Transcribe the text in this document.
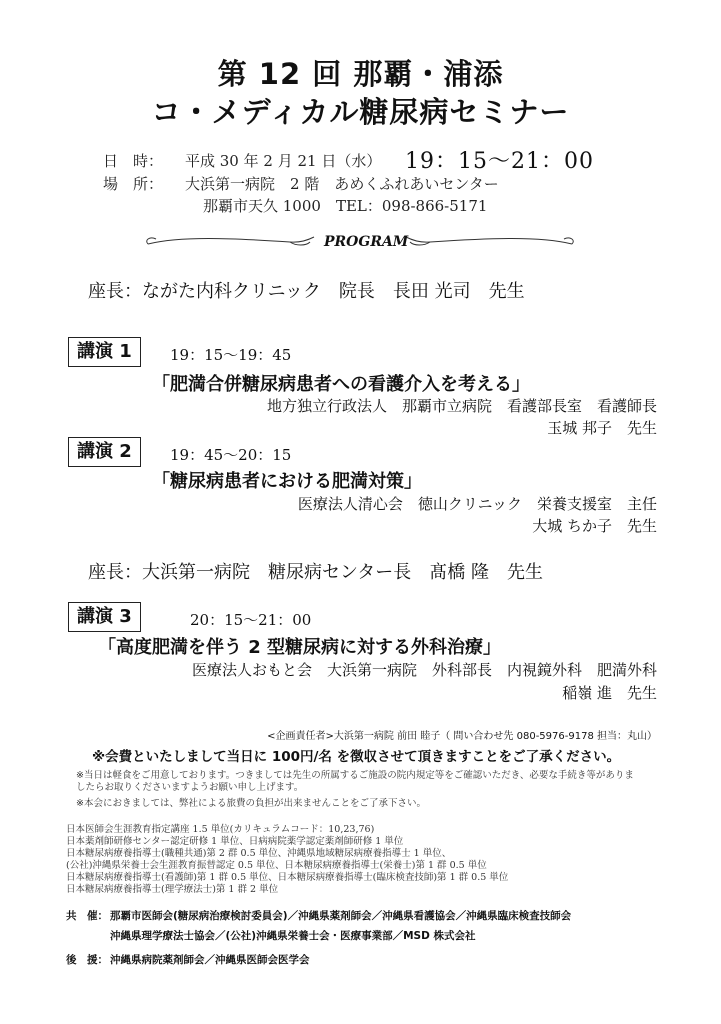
第 12 回 那覇・浦添
コ・メディカル糖尿病セミナー
日　時： 平成 30 年 2 月 21 日（水） 19：15～21：00
場　所： 大浜第一病院　2 階　あめくふれあいセンター
那覇市天久 1000　TEL：098-866-5171
PROGRAM
座長：ながた内科クリニック　院長　長田 光司　先生
講演 1	19：15～19：45
「肥満合併糖尿病患者への看護介入を考える」
地方独立行政法人　那覇市立病院　看護部長室　看護師長
玉城 邦子　先生
講演 2	19：45～20：15
「糖尿病患者における肥満対策」
医療法人清心会　徳山クリニック　栄養支援室　主任
大城 ちか子　先生
座長：大浜第一病院　糖尿病センター長　髙橋 隆　先生
講演 3	20：15～21：00
「高度肥満を伴う 2 型糖尿病に対する外科治療」
医療法人おもと会　大浜第一病院　外科部長　内視鏡外科　肥満外科
稲嶺 進　先生
<企画責任者>大浜第一病院 前田 睦子（ 問い合わせ先 080-5976-9178 担当：丸山）
※会費といたしまして当日に 100円/名 を徴収させて頂きますことをご了承ください。
※当日は軽食をご用意しております。つきましては先生の所属するご施設の院内規定等をご確認いただき、必要な手続き等がありましたらお取りくださいますようお願い申し上げます。
※本会におきましては、弊社による旅費の負担が出来ませんことをご了承下さい。
日本医師会生涯教育指定講座 1.5 単位(カリキュラムコード：10,23,76)
日本薬剤師研修センター認定研修 1 単位、日病病院薬学認定薬剤師研修 1 単位
日本糖尿病療養指導士(職種共通)第 2 群 0.5 単位、沖縄県地域糖尿病療養指導士 1 単位、
(公社)沖縄県栄養士会生涯教育振替認定 0.5 単位、日本糖尿病療養指導士(栄養士)第 1 群 0.5 単位
日本糖尿病療養指導士(看護師)第 1 群 0.5 単位、日本糖尿病療養指導士(臨床検査技師)第 1 群 0.5 単位
日本糖尿病療養指導士(理学療法士)第 1 群 2 単位
共　催： 那覇市医師会(糖尿病治療検討委員会)／沖縄県薬剤師会／沖縄県看護協会／沖縄県臨床検査技師会
沖縄県理学療法士協会／(公社)沖縄県栄養士会・医療事業部／MSD 株式会社
後　援： 沖縄県病院薬剤師会／沖縄県医師会医学会
